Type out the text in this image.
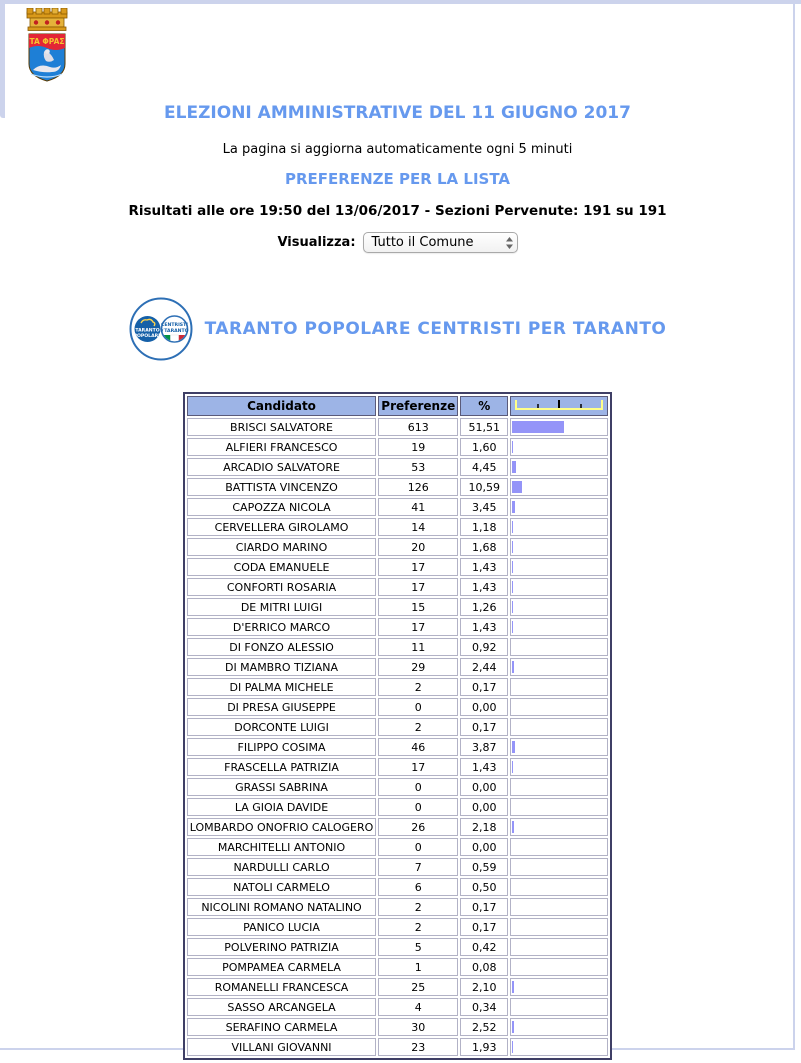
TA ΦPAΣ
ELEZIONI AMMINISTRATIVE DEL 11 GIUGNO 2017
La pagina si aggiorna automaticamente ogni 5 minuti
PREFERENZE PER LA LISTA
Risultati alle ore 19:50 del 13/06/2017 - Sezioni Pervenute: 191 su 191
Visualizza: Tutto il Comune
TARANTO
POPOLARE
CENTRISTI
✗TARANTO TARANTO POPOLARE CENTRISTI PER TARANTO
Candidato	Preferenze	%	
BRISCI SALVATORE	613	51,51	

ALFIERI FRANCESCO	19	1,60	

ARCADIO SALVATORE	53	4,45	

BATTISTA VINCENZO	126	10,59	

CAPOZZA NICOLA	41	3,45	

CERVELLERA GIROLAMO	14	1,18	

CIARDO MARINO	20	1,68	

CODA EMANUELE	17	1,43	

CONFORTI ROSARIA	17	1,43	

DE MITRI LUIGI	15	1,26	

D'ERRICO MARCO	17	1,43	

DI FONZO ALESSIO	11	0,92	

DI MAMBRO TIZIANA	29	2,44	

DI PALMA MICHELE	2	0,17	

DI PRESA GIUSEPPE	0	0,00	

DORCONTE LUIGI	2	0,17	

FILIPPO COSIMA	46	3,87	

FRASCELLA PATRIZIA	17	1,43	

GRASSI SABRINA	0	0,00	

LA GIOIA DAVIDE	0	0,00	

LOMBARDO ONOFRIO CALOGERO	26	2,18	

MARCHITELLI ANTONIO	0	0,00	

NARDULLI CARLO	7	0,59	

NATOLI CARMELO	6	0,50	

NICOLINI ROMANO NATALINO	2	0,17	

PANICO LUCIA	2	0,17	

POLVERINO PATRIZIA	5	0,42	

POMPAMEA CARMELA	1	0,08	

ROMANELLI FRANCESCA	25	2,10	

SASSO ARCANGELA	4	0,34	

SERAFINO CARMELA	30	2,52	

VILLANI GIOVANNI	23	1,93	
